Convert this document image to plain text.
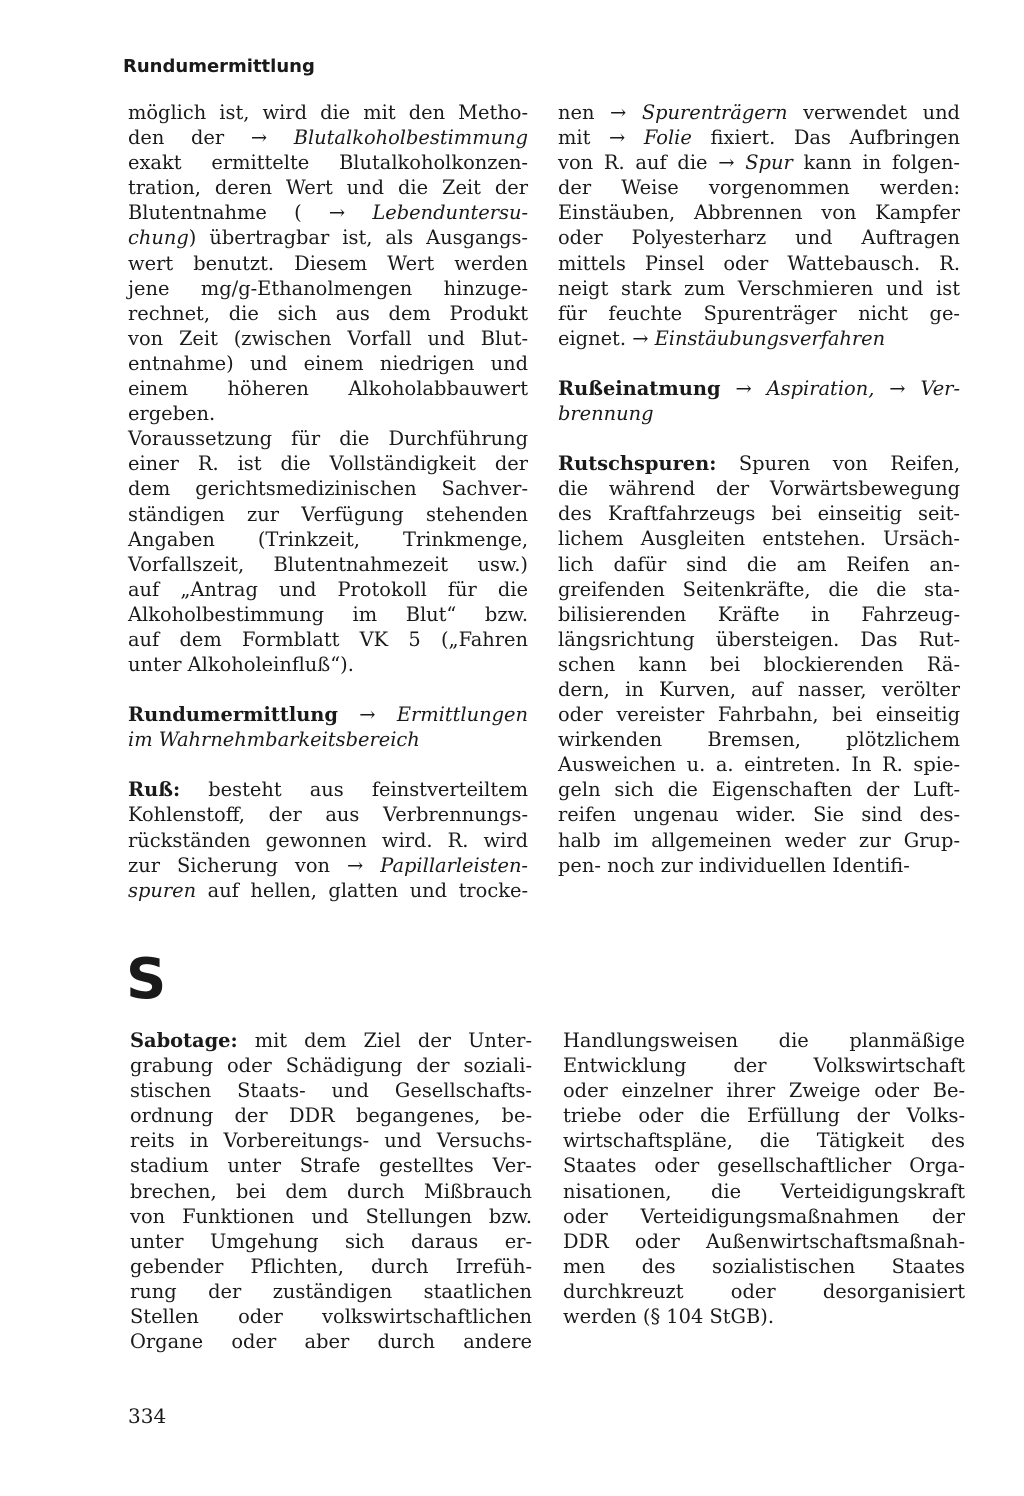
Rundumermittlung

möglich ist, wird die mit den Metho-
den der → Blutalkoholbestimmung
exakt ermittelte Blutalkoholkonzen-
tration, deren Wert und die Zeit der
Blutentnahme ( → Lebenduntersu-
chung) übertragbar ist, als Ausgangs-
wert benutzt. Diesem Wert werden
jene mg/g-Ethanolmengen hinzuge-
rechnet, die sich aus dem Produkt
von Zeit (zwischen Vorfall und Blut-
entnahme) und einem niedrigen und
einem höheren Alkoholabbauwert
ergeben.

Voraussetzung für die Durchführung
einer R. ist die Vollständigkeit der
dem gerichtsmedizinischen Sachver-
ständigen zur Verfügung stehenden
Angaben (Trinkzeit, Trinkmenge,
Vorfallszeit, Blutentnahmezeit usw.)
auf „Antrag und Protokoll für die
Alkoholbestimmung im Blut“ bzw.
auf dem Formblatt VK 5 („Fahren
unter Alkoholeinfluß“).

Rundumermittlung → Ermittlungen
im Wahrnehmbarkeitsbereich

Ruß: besteht aus feinstverteiltem
Kohlenstoff, der aus Verbrennungs-
rückständen gewonnen wird. R. wird
zur Sicherung von → Papillarleisten-
spuren auf hellen, glatten und trocke-

nen → Spurenträgern verwendet und
mit → Folie fixiert. Das Aufbringen
von R. auf die → Spur kann in folgen-
der Weise vorgenommen werden:
Einstäuben, Abbrennen von Kampfer
oder Polyesterharz und Auftragen
mittels Pinsel oder Wattebausch. R.
neigt stark zum Verschmieren und ist
für feuchte Spurenträger nicht ge-
eignet. → Einstäubungsverfahren

Rußeinatmung → Aspiration, → Ver-
brennung

Rutschspuren: Spuren von Reifen,
die während der Vorwärtsbewegung
des Kraftfahrzeugs bei einseitig seit-
lichem Ausgleiten entstehen. Ursäch-
lich dafür sind die am Reifen an-
greifenden Seitenkräfte, die die sta-
bilisierenden Kräfte in Fahrzeug-
längsrichtung übersteigen. Das Rut-
schen kann bei blockierenden Rä-
dern, in Kurven, auf nasser, verölter
oder vereister Fahrbahn, bei einseitig
wirkenden Bremsen, plötzlichem
Ausweichen u. a. eintreten. In R. spie-
geln sich die Eigenschaften der Luft-
reifen ungenau wider. Sie sind des-
halb im allgemeinen weder zur Grup-
pen- noch zur individuellen Identifi-

S

Sabotage: mit dem Ziel der Unter-
grabung oder Schädigung der soziali-
stischen Staats- und Gesellschafts-
ordnung der DDR begangenes, be-
reits in Vorbereitungs- und Versuchs-
stadium unter Strafe gestelltes Ver-
brechen, bei dem durch Mißbrauch
von Funktionen und Stellungen bzw.
unter Umgehung sich daraus er-
gebender Pflichten, durch Irrefüh-
rung der zuständigen staatlichen
Stellen oder volkswirtschaftlichen
Organe oder aber durch andere

Handlungsweisen die planmäßige
Entwicklung der Volkswirtschaft
oder einzelner ihrer Zweige oder Be-
triebe oder die Erfüllung der Volks-
wirtschaftspläne, die Tätigkeit des
Staates oder gesellschaftlicher Orga-
nisationen, die Verteidigungskraft
oder Verteidigungsmaßnahmen der
DDR oder Außenwirtschaftsmaßnah-
men des sozialistischen Staates
durchkreuzt oder desorganisiert
werden (§ 104 StGB).

334
